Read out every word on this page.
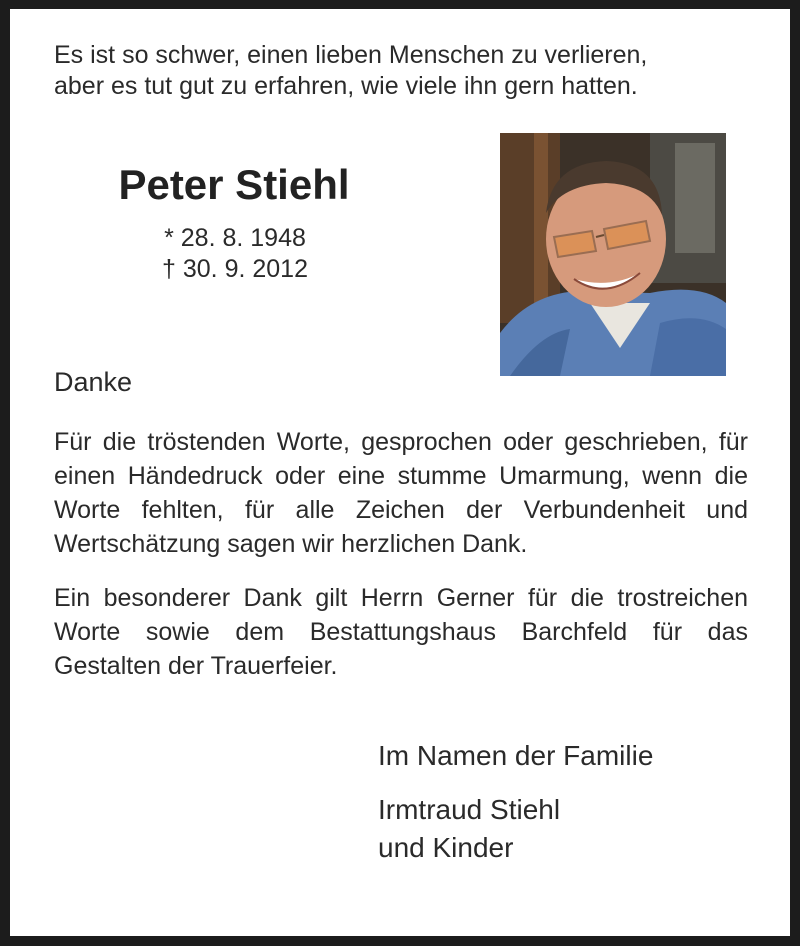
Es ist so schwer, einen lieben Menschen zu verlieren,

aber es tut gut zu erfahren, wie viele ihn gern hatten.

Peter Stiehl
* 28. 8. 1948
† 30. 9. 2012
Danke

Für die tröstenden Worte, gesprochen oder geschrieben, für einen Händedruck oder eine stumme Umarmung, wenn die Worte fehlten, für alle Zeichen der Verbundenheit und Wertschätzung sagen wir herzlichen Dank.

Ein besonderer Dank gilt Herrn Gerner für die trostreichen Worte sowie dem Bestattungshaus Barchfeld für das Gestalten der Trauerfeier.

Im Namen der Familie
Irmtraud Stiehl
und Kinder
